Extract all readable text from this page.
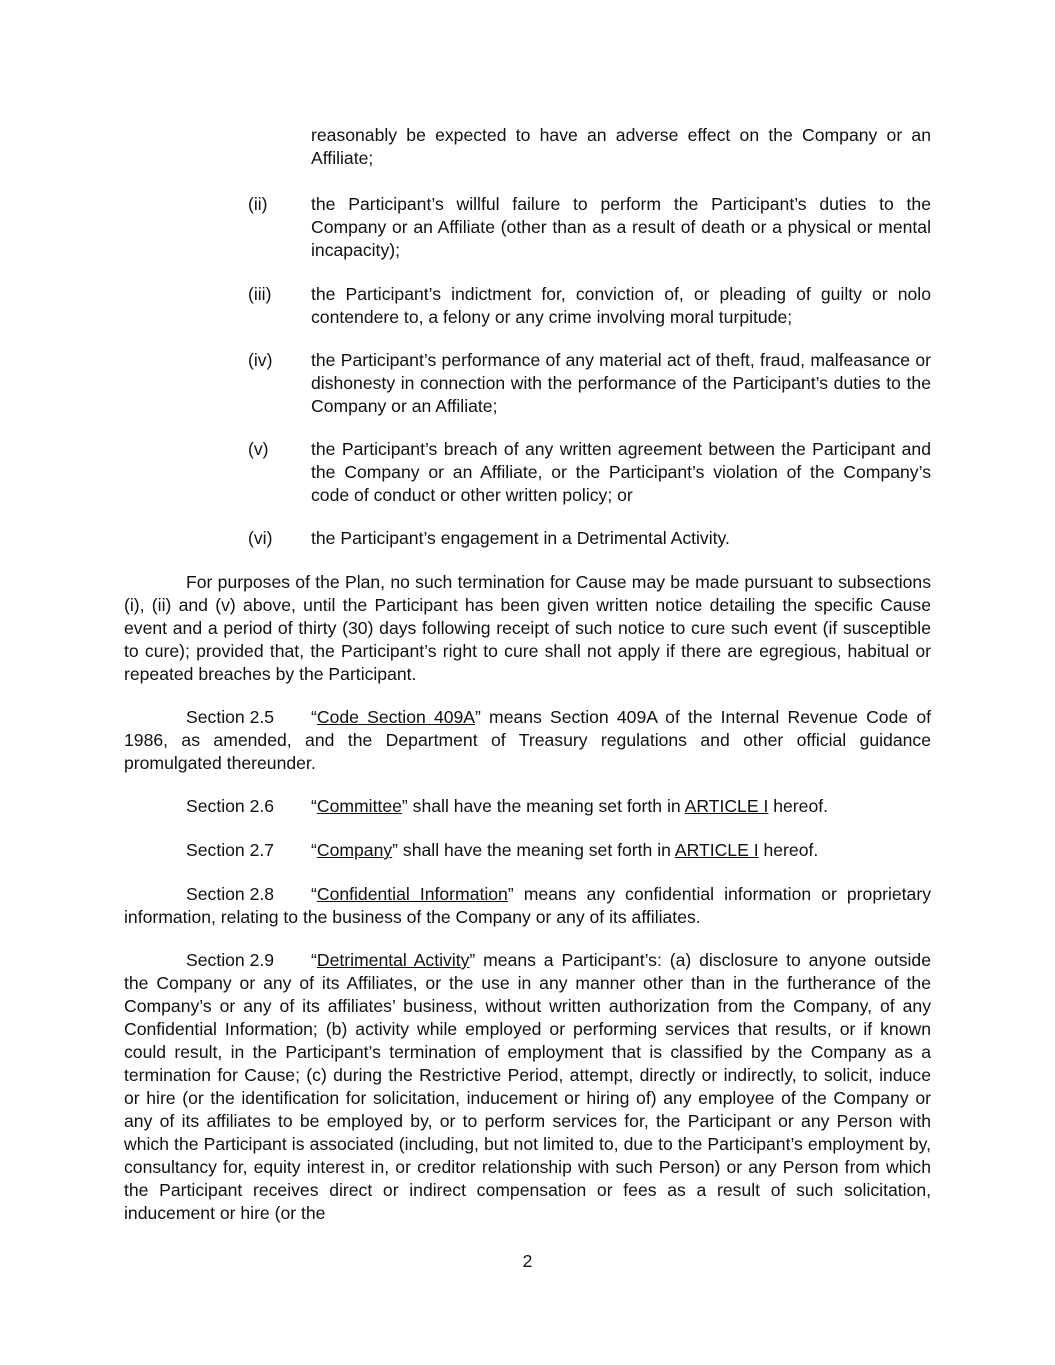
reasonably be expected to have an adverse effect on the Company or an Affiliate;
(ii)	the Participant’s willful failure to perform the Participant’s duties to the Company or an Affiliate (other than as a result of death or a physical or mental incapacity);
(iii)	the Participant’s indictment for, conviction of, or pleading of guilty or nolo contendere to, a felony or any crime involving moral turpitude;
(iv)	the Participant’s performance of any material act of theft, fraud, malfeasance or dishonesty in connection with the performance of the Participant’s duties to the Company or an Affiliate;
(v)	the Participant’s breach of any written agreement between the Participant and the Company or an Affiliate, or the Participant’s violation of the Company’s code of conduct or other written policy; or
(vi)	the Participant’s engagement in a Detrimental Activity.
For purposes of the Plan, no such termination for Cause may be made pursuant to subsections (i), (ii) and (v) above, until the Participant has been given written notice detailing the specific Cause event and a period of thirty (30) days following receipt of such notice to cure such event (if susceptible to cure); provided that, the Participant’s right to cure shall not apply if there are egregious, habitual or repeated breaches by the Participant.
Section 2.5 “Code Section 409A” means Section 409A of the Internal Revenue Code of 1986, as amended, and the Department of Treasury regulations and other official guidance promulgated thereunder.
Section 2.6 “Committee” shall have the meaning set forth in ARTICLE I hereof.
Section 2.7 “Company” shall have the meaning set forth in ARTICLE I hereof.
Section 2.8 “Confidential Information” means any confidential information or proprietary information, relating to the business of the Company or any of its affiliates.
Section 2.9 “Detrimental Activity” means a Participant’s: (a) disclosure to anyone outside the Company or any of its Affiliates, or the use in any manner other than in the furtherance of the Company’s or any of its affiliates’ business, without written authorization from the Company, of any Confidential Information; (b) activity while employed or performing services that results, or if known could result, in the Participant’s termination of employment that is classified by the Company as a termination for Cause; (c) during the Restrictive Period, attempt, directly or indirectly, to solicit, induce or hire (or the identification for solicitation, inducement or hiring of) any employee of the Company or any of its affiliates to be employed by, or to perform services for, the Participant or any Person with which the Participant is associated (including, but not limited to, due to the Participant’s employment by, consultancy for, equity interest in, or creditor relationship with such Person) or any Person from which the Participant receives direct or indirect compensation or fees as a result of such solicitation, inducement or hire (or the
2
